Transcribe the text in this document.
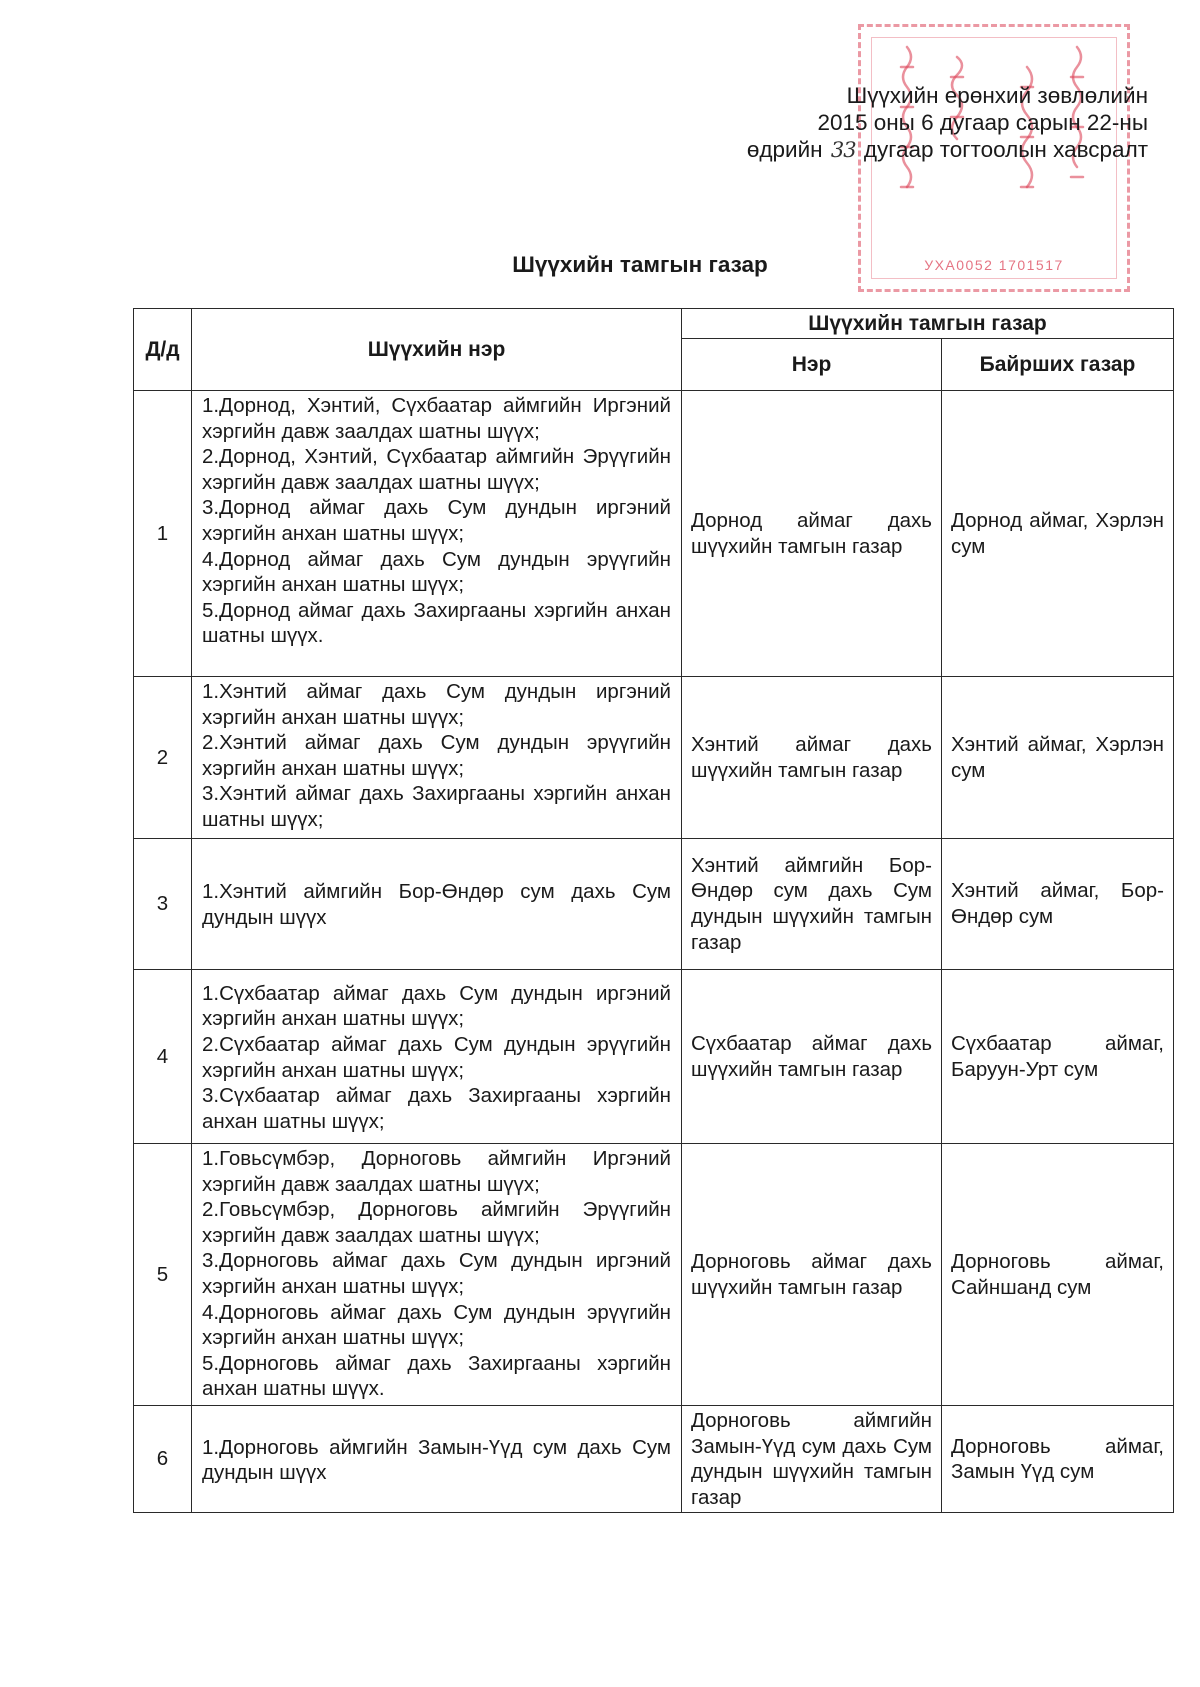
УХА0052 1701517
Шүүхийн ерөнхий зөвлөлийн
2015 оны 6 дугаар сарын 22-ны
өдрийн 33 дугаар тогтоолын хавсралт
Шүүхийн тамгын газар
Д/д	Шүүхийн нэр	Шүүхийн тамгын газар	
		Нэр	Байрших газар
1	1.Дорнод, Хэнтий, Сүхбаатар аймгийн Иргэний хэргийн давж заалдах шатны шүүх;
2.Дорнод, Хэнтий, Сүхбаатар аймгийн Эрүүгийн хэргийн давж заалдах шатны шүүх;
3.Дорнод аймаг дахь Сум дундын иргэний хэргийн анхан шатны шүүх;
4.Дорнод аймаг дахь Сум дундын эрүүгийн хэргийн анхан шатны шүүх;
5.Дорнод аймаг дахь Захиргааны хэргийн анхан шатны шүүх.	Дорнод аймаг дахь шүүхийн тамгын газар	Дорнод аймаг, Хэрлэн сум
2	1.Хэнтий аймаг дахь Сум дундын иргэний хэргийн анхан шатны шүүх;
2.Хэнтий аймаг дахь Сум дундын эрүүгийн хэргийн анхан шатны шүүх;
3.Хэнтий аймаг дахь Захиргааны хэргийн анхан шатны шүүх;	Хэнтий аймаг дахь шүүхийн тамгын газар	Хэнтий аймаг, Хэрлэн сум
3	1.Хэнтий аймгийн Бор-Өндөр сум дахь Сум дундын шүүх	Хэнтий аймгийн Бор-Өндөр сум дахь Сум дундын шүүхийн тамгын газар	Хэнтий аймаг, Бор-Өндөр сум
4	1.Сүхбаатар аймаг дахь Сум дундын иргэний хэргийн анхан шатны шүүх;
2.Сүхбаатар аймаг дахь Сум дундын эрүүгийн хэргийн анхан шатны шүүх;
3.Сүхбаатар аймаг дахь Захиргааны хэргийн анхан шатны шүүх;	Сүхбаатар аймаг дахь шүүхийн тамгын газар	Сүхбаатар аймаг, Баруун-Урт сум
5	1.Говьсүмбэр, Дорноговь аймгийн Иргэний хэргийн давж заалдах шатны шүүх;
2.Говьсүмбэр, Дорноговь аймгийн Эрүүгийн хэргийн давж заалдах шатны шүүх;
3.Дорноговь аймаг дахь Сум дундын иргэний хэргийн анхан шатны шүүх;
4.Дорноговь аймаг дахь Сум дундын эрүүгийн хэргийн анхан шатны шүүх;
5.Дорноговь аймаг дахь Захиргааны хэргийн анхан шатны шүүх.	Дорноговь аймаг дахь шүүхийн тамгын газар	Дорноговь аймаг, Сайншанд сум
6	1.Дорноговь аймгийн Замын-Үүд сум дахь Сум дундын шүүх	Дорноговь аймгийн Замын-Үүд сум дахь Сум дундын шүүхийн тамгын газар	Дорноговь аймаг, Замын Үүд сум
